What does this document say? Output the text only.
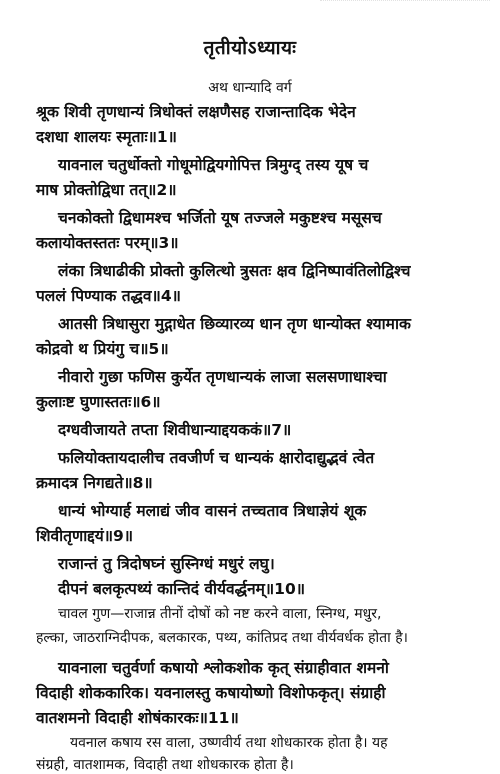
तृतीयोऽध्यायः
अथ धान्यादि वर्ग
श्रूक शिवी तृणधान्यं त्रिधोक्तं लक्षणैसह राजान्तादिक भेदेन
दशधा शालयः स्मृताः॥1॥
यावनाल चतुर्धोक्तो गोधूमोद्वियगोपित्त त्रिमुग्द् तस्य यूष च
माष प्रोक्तोद्विधा तत्॥2॥
चनकोक्तो द्विधामश्च भर्जितो यूष तज्जले मकुष्टश्च मसूसच
कलायोक्तस्ततः परम्॥3॥
लंका त्रिधाढीकी प्रोक्तो कुलित्थो त्रुसतः क्षव द्विनिष्पावंतिलोद्विश्च
पललं पिण्याक तद्धव॥4॥
आतसी त्रिधासुरा मुद्गाधेत छिव्यारव्य धान तृण धान्योक्त श्यामाक
कोद्रवो थ प्रियंगु च॥5॥
नीवारो गुछा फणिस कुर्येत तृणधान्यकं लाजा सलसणाधाश्चा
कुलाःष्ट घुणास्ततः॥6॥
दग्धवीजायते तप्ता शिवीधान्याद्दयककं॥7॥
फलियोक्तायदालीच तवजीर्ण च धान्यकं क्षारोदाद्युद्भवं त्वेत
क्रमादत्र निगद्यते॥8॥
धान्यं भोग्यार्ह मलाद्यं जीव वासनं तच्चताव त्रिधाज्ञेयं शूक
शिवीतृणाद्दयं॥9॥
राजान्तं तु त्रिदोषघ्नं सुस्निग्धं मधुरं लघु।
दीपनं बलकृत्पथ्यं कान्तिदं वीर्यवर्द्धनम्॥10॥
चावल गुण—राजान्न तीनों दोषों को नष्ट करने वाला, स्निग्ध, मधुर,
हल्का, जाठराग्निदीपक, बलकारक, पथ्य, कांतिप्रद तथा वीर्यवर्धक होता है।
यावनाला चतुर्वर्णा कषायो श्लोकशोक कृत् संग्राहीवात शमनो
विदाही शोककारिक। यवनालस्तु कषायोष्णो विशोफकृत्। संग्राही
वातशमनो विदाही शोषंकारकः॥11॥
यवनाल कषाय रस वाला, उष्णवीर्य तथा शोधकारक होता है। यह
संग्रही, वातशामक, विदाही तथा शोधकारक होता है।
